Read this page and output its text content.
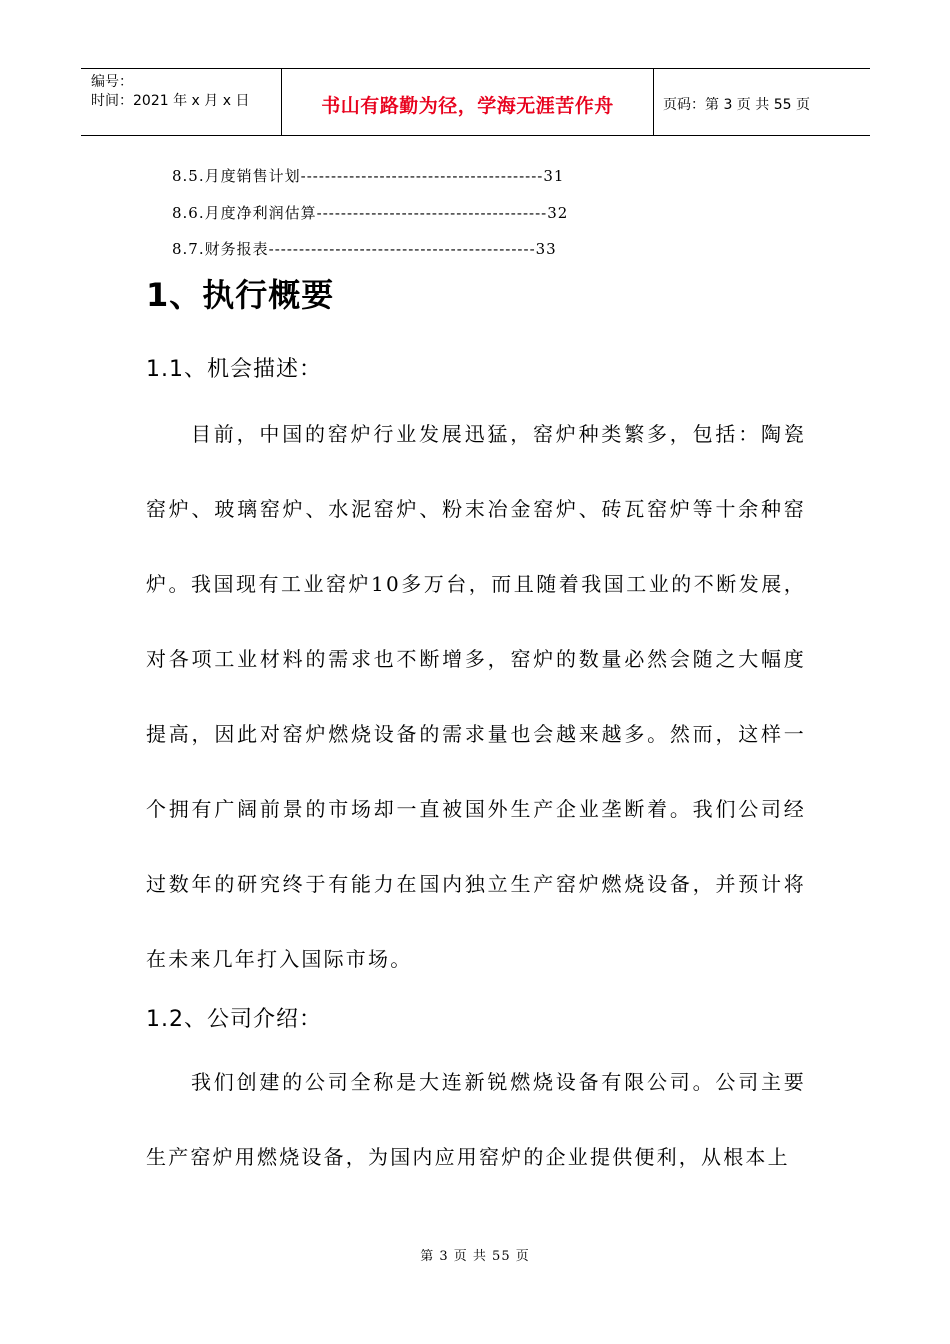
编号：
时间：2021 年 x 月 x 日	书山有路勤为径，学海无涯苦作舟	页码：第 3 页 共 55 页
8.5.月度销售计划----------------------------------------31
8.6.月度净利润估算--------------------------------------32
8.7.财务报表--------------------------------------------33
1、执行概要
1.1、机会描述：
目前，中国的窑炉行业发展迅猛，窑炉种类繁多，包括：陶瓷窑炉、玻璃窑炉、水泥窑炉、粉末冶金窑炉、砖瓦窑炉等十余种窑炉。我国现有工业窑炉10多万台，而且随着我国工业的不断发展，对各项工业材料的需求也不断增多，窑炉的数量必然会随之大幅度提高，因此对窑炉燃烧设备的需求量也会越来越多。然而，这样一个拥有广阔前景的市场却一直被国外生产企业垄断着。我们公司经过数年的研究终于有能力在国内独立生产窑炉燃烧设备，并预计将在未来几年打入国际市场。
1.2、公司介绍：
我们创建的公司全称是大连新锐燃烧设备有限公司。公司主要生产窑炉用燃烧设备，为国内应用窑炉的企业提供便利，从根本上
第 3 页 共 55 页
